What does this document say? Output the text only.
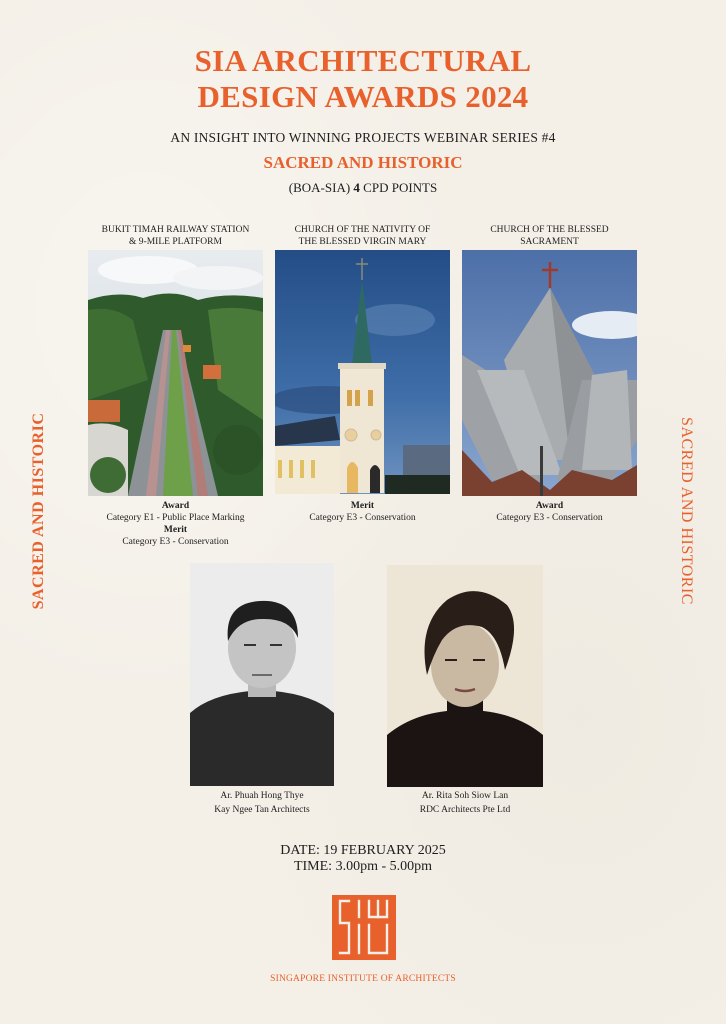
SIA ARCHITECTURAL
DESIGN AWARDS 2024
AN INSIGHT INTO WINNING PROJECTS WEBINAR SERIES #4
SACRED AND HISTORIC
(BOA-SIA) 4 CPD POINTS
SACRED AND HISTORIC	SACRED AND HISTORIC
BUKIT TIMAH RAILWAY STATION
& 9-MILE PLATFORM
Award
Category E1 - Public Place Marking
Merit
Category E3 - Conservation
CHURCH OF THE NATIVITY OF
THE BLESSED VIRGIN MARY
Merit
Category E3 - Conservation
CHURCH OF THE BLESSED
SACRAMENT
Award
Category E3 - Conservation
Ar. Phuah Hong Thye
Kay Ngee Tan Architects
Ar. Rita Soh Siow Lan
RDC Architects Pte Ltd
DATE: 19 FEBRUARY 2025
TIME: 3.00pm - 5.00pm
SINGAPORE INSTITUTE OF ARCHITECTS
